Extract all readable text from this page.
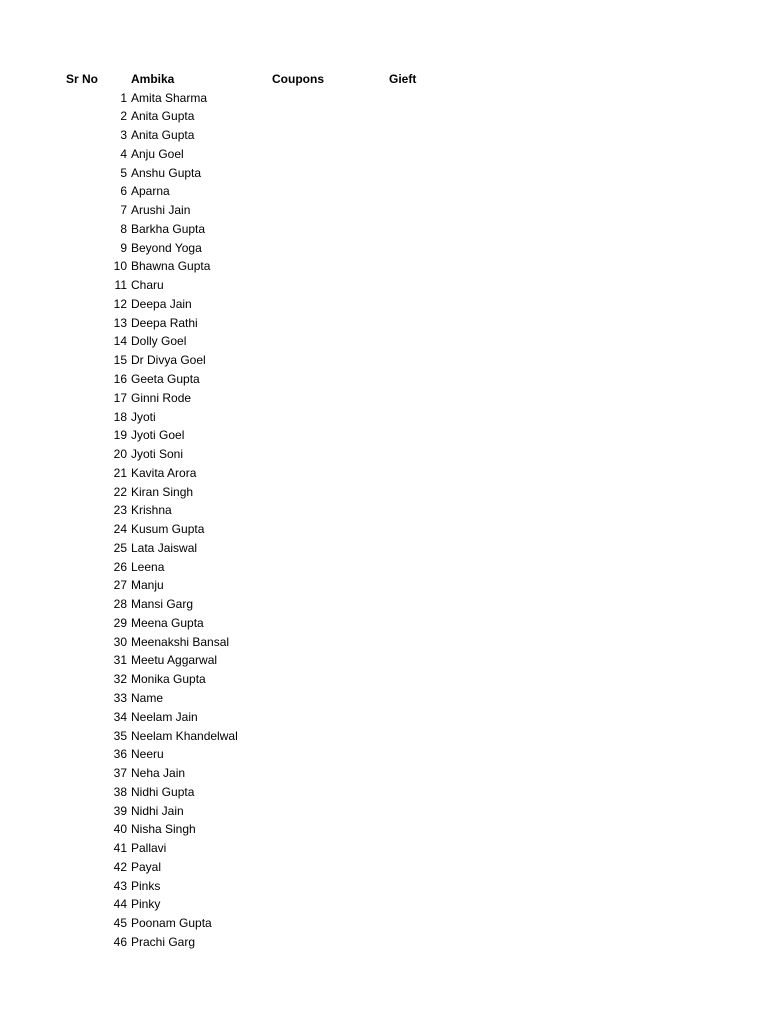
Sr No	Ambika	Coupons	Gieft
1 Amita Sharma
2 Anita Gupta
3 Anita Gupta
4 Anju Goel
5 Anshu Gupta
6 Aparna
7 Arushi Jain
8 Barkha Gupta
9 Beyond Yoga
10 Bhawna Gupta
11 Charu
12 Deepa Jain
13 Deepa Rathi
14 Dolly Goel
15 Dr Divya Goel
16 Geeta Gupta
17 Ginni Rode
18 Jyoti
19 Jyoti Goel
20 Jyoti Soni
21 Kavita Arora
22 Kiran Singh
23 Krishna
24 Kusum Gupta
25 Lata Jaiswal
26 Leena
27 Manju
28 Mansi Garg
29 Meena Gupta
30 Meenakshi Bansal
31 Meetu Aggarwal
32 Monika Gupta
33 Name
34 Neelam Jain
35 Neelam Khandelwal
36 Neeru
37 Neha Jain
38 Nidhi Gupta
39 Nidhi Jain
40 Nisha Singh
41 Pallavi
42 Payal
43 Pinks
44 Pinky
45 Poonam Gupta
46 Prachi Garg
